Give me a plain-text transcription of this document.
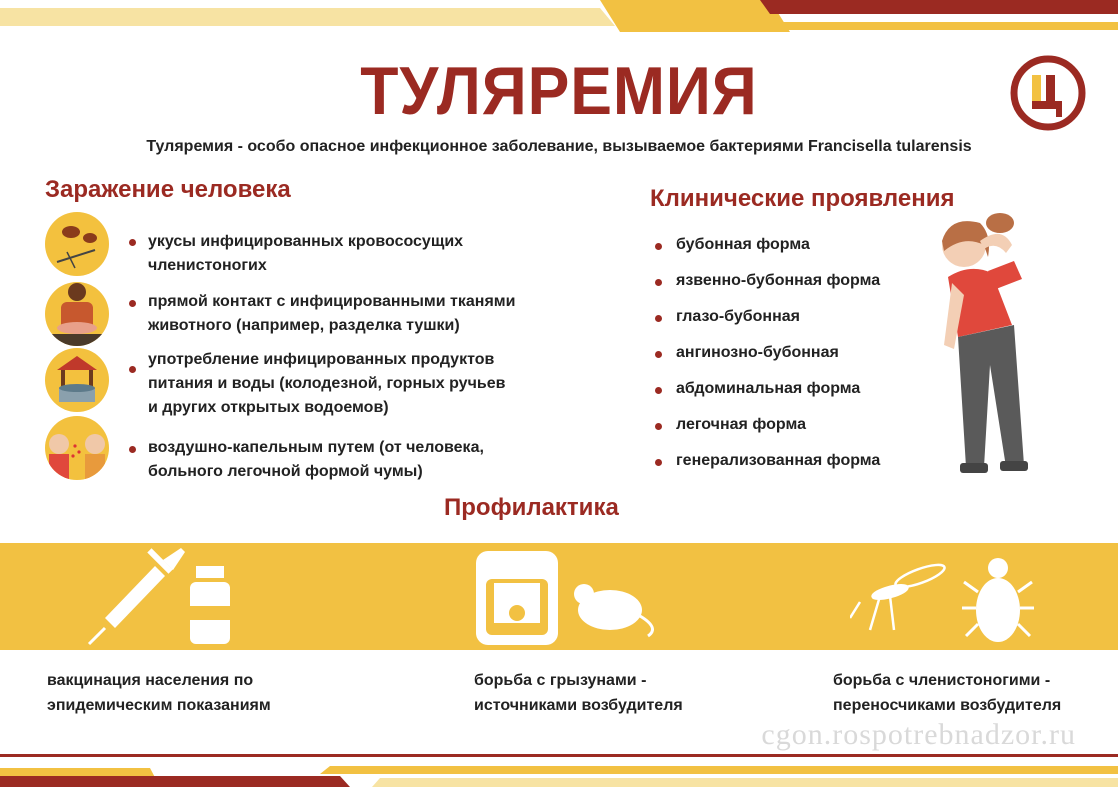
ТУЛЯРЕМИЯ
Туляремия - особо опасное инфекционное заболевание, вызываемое бактериями Francisella tularensis
Заражение человека
укусы инфицированных кровососущих
членистоногих
прямой контакт с инфицированными тканями
животного (например, разделка тушки)
употребление инфицированных продуктов
питания и воды (колодезной, горных ручьев
и других открытых водоемов)
воздушно-капельным путем (от человека,
больного легочной формой чумы)
Клинические проявления
бубонная форма
язвенно-бубонная форма
глазо-бубонная
ангинозно-бубонная
абдоминальная форма
легочная форма
генерализованная форма
Профилактика
вакцинация населения по
эпидемическим показаниям
борьба с грызунами -
источниками возбудителя
борьба с членистоногими -
переносчиками возбудителя
cgon.rospotrebnadzor.ru
